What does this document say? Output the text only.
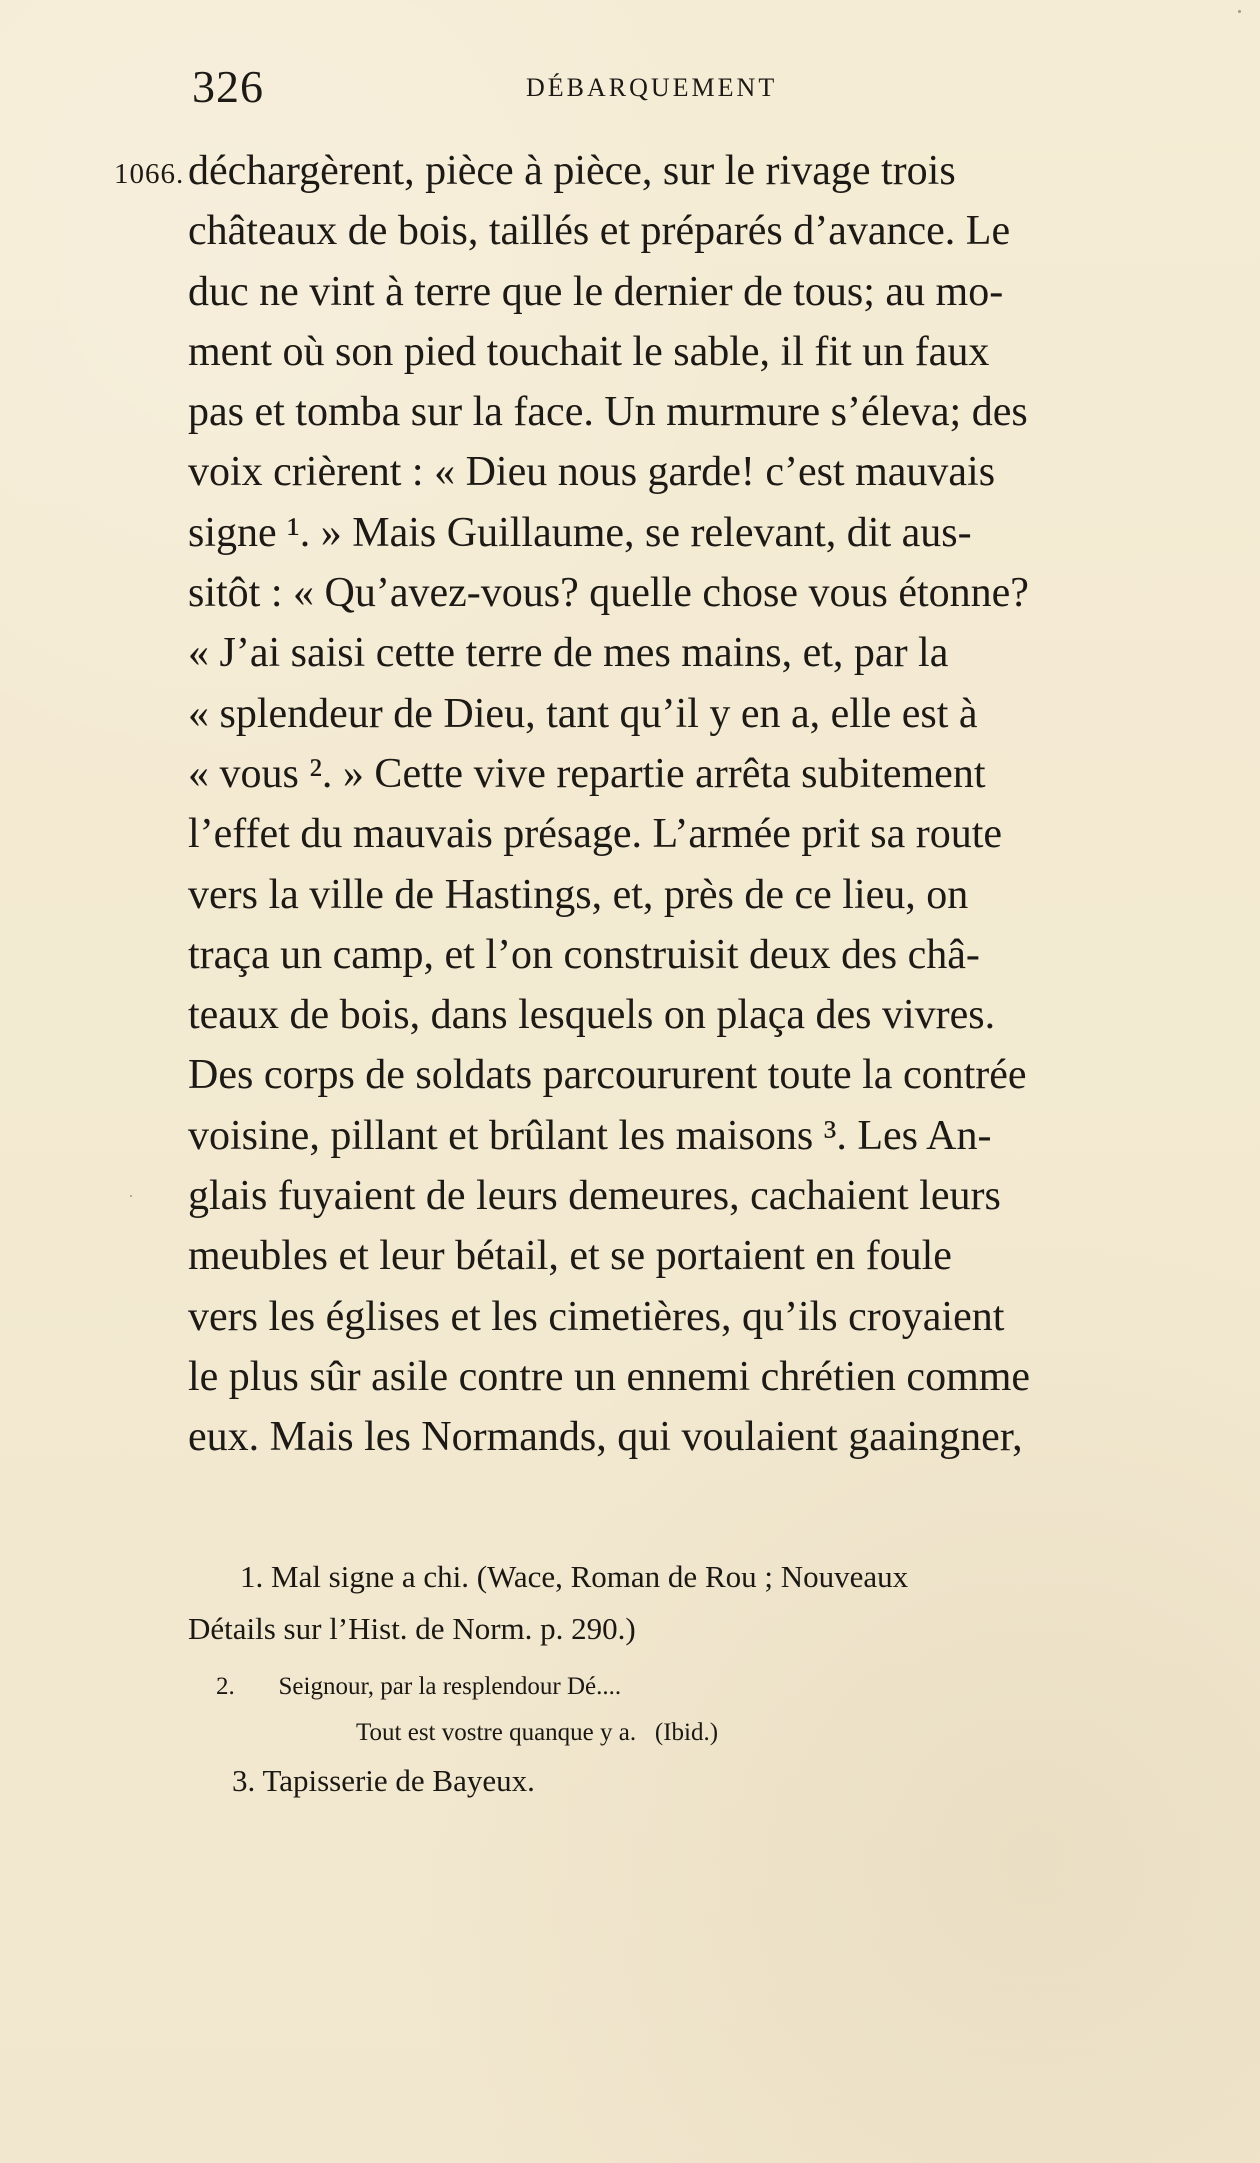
326	DÉBARQUEMENT
1066. déchargèrent, pièce à pièce, sur le rivage trois
châteaux de bois, taillés et préparés d’avance. Le
duc ne vint à terre que le dernier de tous; au mo-
ment où son pied touchait le sable, il fit un faux
pas et tomba sur la face. Un murmure s’éleva; des
voix crièrent : « Dieu nous garde! c’est mauvais
signe ¹. » Mais Guillaume, se relevant, dit aus-
sitôt : « Qu’avez-vous? quelle chose vous étonne?
« J’ai saisi cette terre de mes mains, et, par la
« splendeur de Dieu, tant qu’il y en a, elle est à
« vous ². » Cette vive repartie arrêta subitement
l’effet du mauvais présage. L’armée prit sa route
vers la ville de Hastings, et, près de ce lieu, on
traça un camp, et l’on construisit deux des châ-
teaux de bois, dans lesquels on plaça des vivres.
Des corps de soldats parcoururent toute la contrée
voisine, pillant et brûlant les maisons ³. Les An-
glais fuyaient de leurs demeures, cachaient leurs
meubles et leur bétail, et se portaient en foule
vers les églises et les cimetières, qu’ils croyaient
le plus sûr asile contre un ennemi chrétien comme
eux. Mais les Normands, qui voulaient gaaingner,
1. Mal signe a chi. (Wace, Roman de Rou ; Nouveaux
Détails sur l’Hist. de Norm. p. 290.)
2.       Seignour, par la resplendour Dé....
Tout est vostre quanque y a.   (Ibid.)
3. Tapisserie de Bayeux.
